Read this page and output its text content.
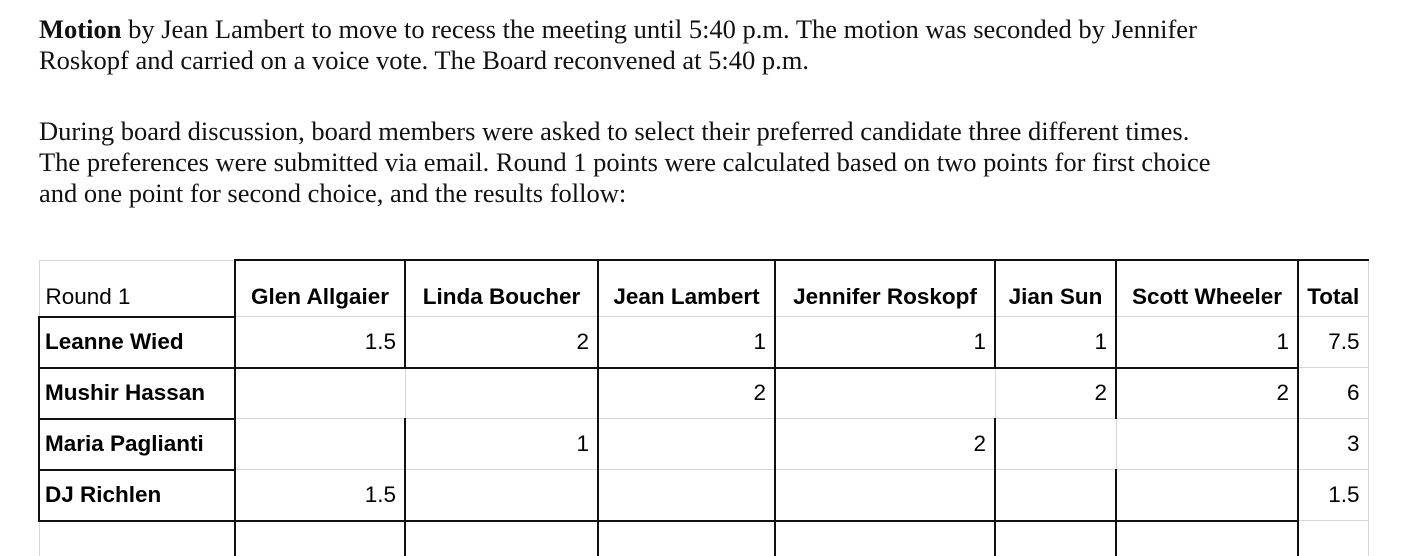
Motion by Jean Lambert to move to recess the meeting until 5:40 p.m. The motion was seconded by Jennifer
Roskopf and carried on a voice vote. The Board reconvened at 5:40 p.m.
During board discussion, board members were asked to select their preferred candidate three different times.
The preferences were submitted via email. Round 1 points were calculated based on two points for first choice
and one point for second choice, and the results follow:
Round 1	Glen Allgaier	Linda Boucher	Jean Lambert	Jennifer Roskopf	Jian Sun	Scott Wheeler	Total
Leanne Wied	1.5	2	1	1	1	1	7.5
Mushir Hassan			2		2	2	6
Maria Paglianti		1		2			3
DJ Richlen	1.5						1.5
